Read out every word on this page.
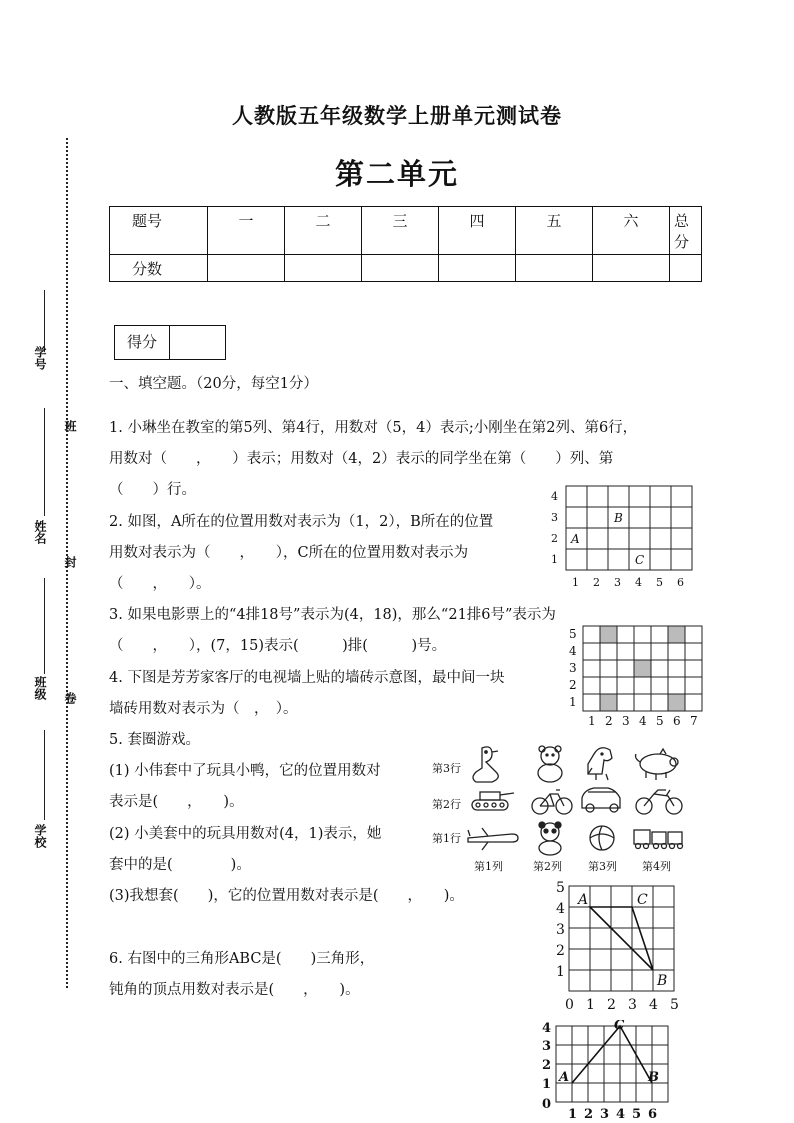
人教版五年级数学上册单元测试卷
第二单元
题号	一	二	三	四	五	六	总分
分数							
学号
班
姓名
封
班级 卷
学校
得分
一、填空题。（20分，每空1分）
1. 小琳坐在教室的第5列、第4行，用数对（5，4）表示;小刚坐在第2列、第6行，
用数对（　　，　　）表示；用数对（4，2）表示的同学坐在第（　　）列、第
（　　）行。
2. 如图，A所在的位置用数对表示为（1，2），B所在的位置
用数对表示为（　　，　　），C所在的位置用数对表示为
（　　，　　）。
3. 如果电影票上的“4排18号”表示为(4，18)，那么“21排6号”表示为
（　　，　　），(7，15)表示(　　　)排(　　　)号。
4. 下图是芳芳家客厅的电视墙上贴的墙砖示意图，最中间一块
墙砖用数对表示为（　，　）。
5. 套圈游戏。
(1) 小伟套中了玩具小鸭，它的位置用数对
表示是(　　，　　)。
(2) 小美套中的玩具用数对(4，1)表示，她
套中的是(　　　　)。
(3)我想套(　　)，它的位置用数对表示是(　　，　　)。
6. 右图中的三角形ABC是(　　)三角形，
钝角的顶点用数对表示是(　　，　　)。
4
3
2
1
1 2 3 4 5 6
A
B
C
5
4
3
2
1
1 2 3 4 5 6 7
第3行
第2行
第1行
第1列	第2列 第3列 第4列
5
4
3
2
1
0 1 2 3 4 5
A	C
B
4
3
2
1
0
1 2 3 4 5 6
A
C
B
